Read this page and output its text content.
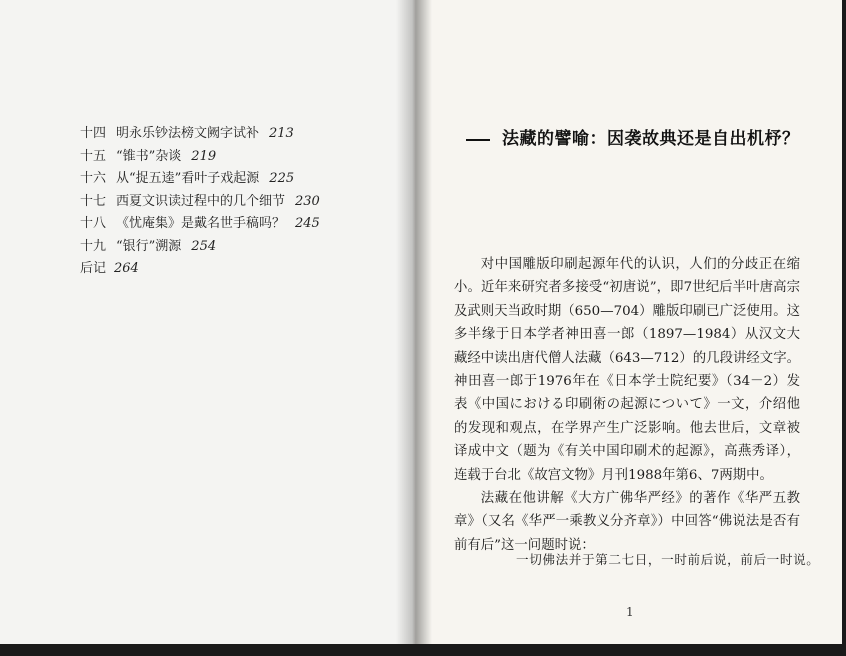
十四 明永乐钞法榜文阙字试补 213
十五 “锥书”杂谈 219
十六 从“捉五逵”看叶子戏起源 225
十七 西夏文识读过程中的几个细节 230
十八 《忧庵集》是戴名世手稿吗？ 245
十九 “银行”溯源 254
后记 264
法藏的譬喻：因袭故典还是自出机杼？

对中国雕版印刷起源年代的认识，人们的分歧正在缩小。近年来研究者多接受“初唐说”，即7世纪后半叶唐高宗及武则天当政时期（650—704）雕版印刷已广泛使用。这多半缘于日本学者神田喜一郎（1897—1984）从汉文大藏经中读出唐代僧人法藏（643—712）的几段讲经文字。神田喜一郎于1976年在《日本学士院纪要》（34－2）发表《中国における印刷術の起源について》一文，介绍他的发现和观点，在学界产生广泛影响。他去世后，文章被译成中文（题为《有关中国印刷术的起源》，高燕秀译），连载于台北《故宫文物》月刊1988年第6、7两期中。

法藏在他讲解《大方广佛华严经》的著作《华严五教章》（又名《华严一乘教义分齐章》）中回答“佛说法是否有前有后”这一问题时说：

一切佛法并于第二七日，一时前后说，前后一时说。
1
